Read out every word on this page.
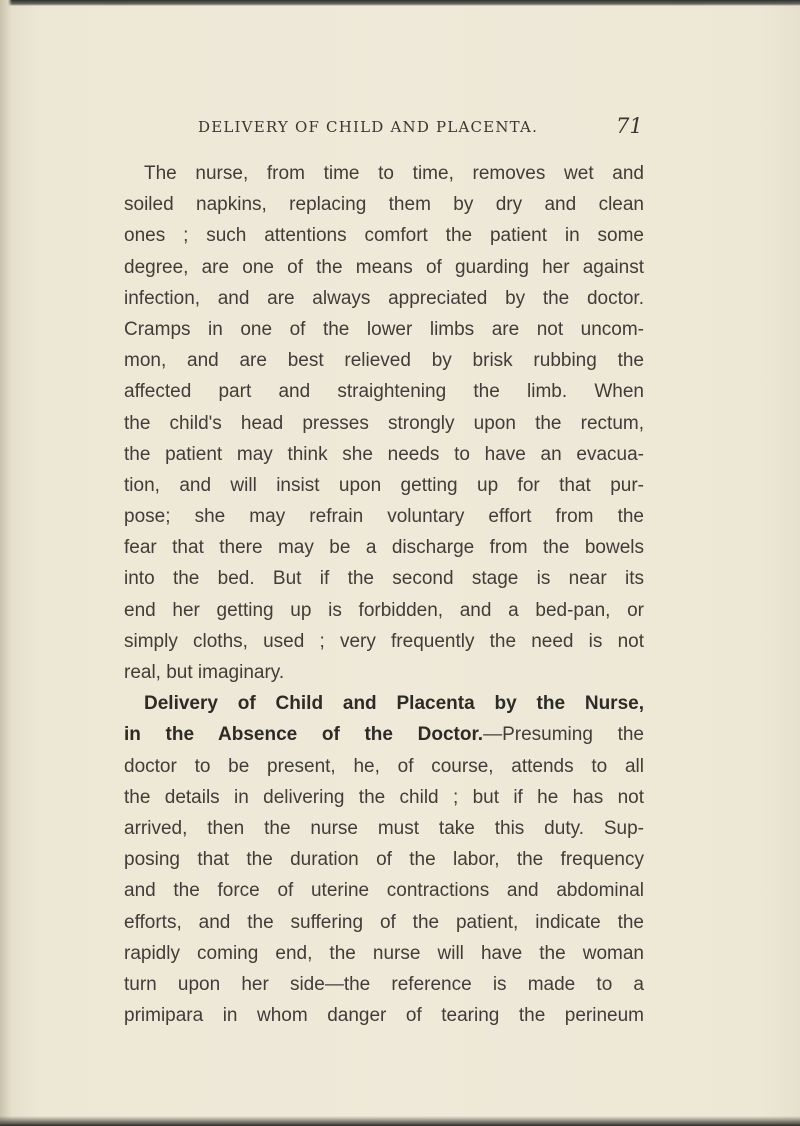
DELIVERY OF CHILD AND PLACENTA.	71
The nurse, from time to time, removes wet and
soiled napkins, replacing them by dry and clean
ones ; such attentions comfort the patient in some
degree, are one of the means of guarding her against
infection, and are always appreciated by the doctor.
Cramps in one of the lower limbs are not uncom-
mon, and are best relieved by brisk rubbing the
affected part and straightening the limb. When
the child's head presses strongly upon the rectum,
the patient may think she needs to have an evacua-
tion, and will insist upon getting up for that pur-
pose; she may refrain voluntary effort from the
fear that there may be a discharge from the bowels
into the bed. But if the second stage is near its
end her getting up is forbidden, and a bed-pan, or
simply cloths, used ; very frequently the need is not
real, but imaginary.
Delivery of Child and Placenta by the Nurse,
in the Absence of the Doctor.—Presuming the
doctor to be present, he, of course, attends to all
the details in delivering the child ; but if he has not
arrived, then the nurse must take this duty. Sup-
posing that the duration of the labor, the frequency
and the force of uterine contractions and abdominal
efforts, and the suffering of the patient, indicate the
rapidly coming end, the nurse will have the woman
turn upon her side—the reference is made to a
primipara in whom danger of tearing the perineum
